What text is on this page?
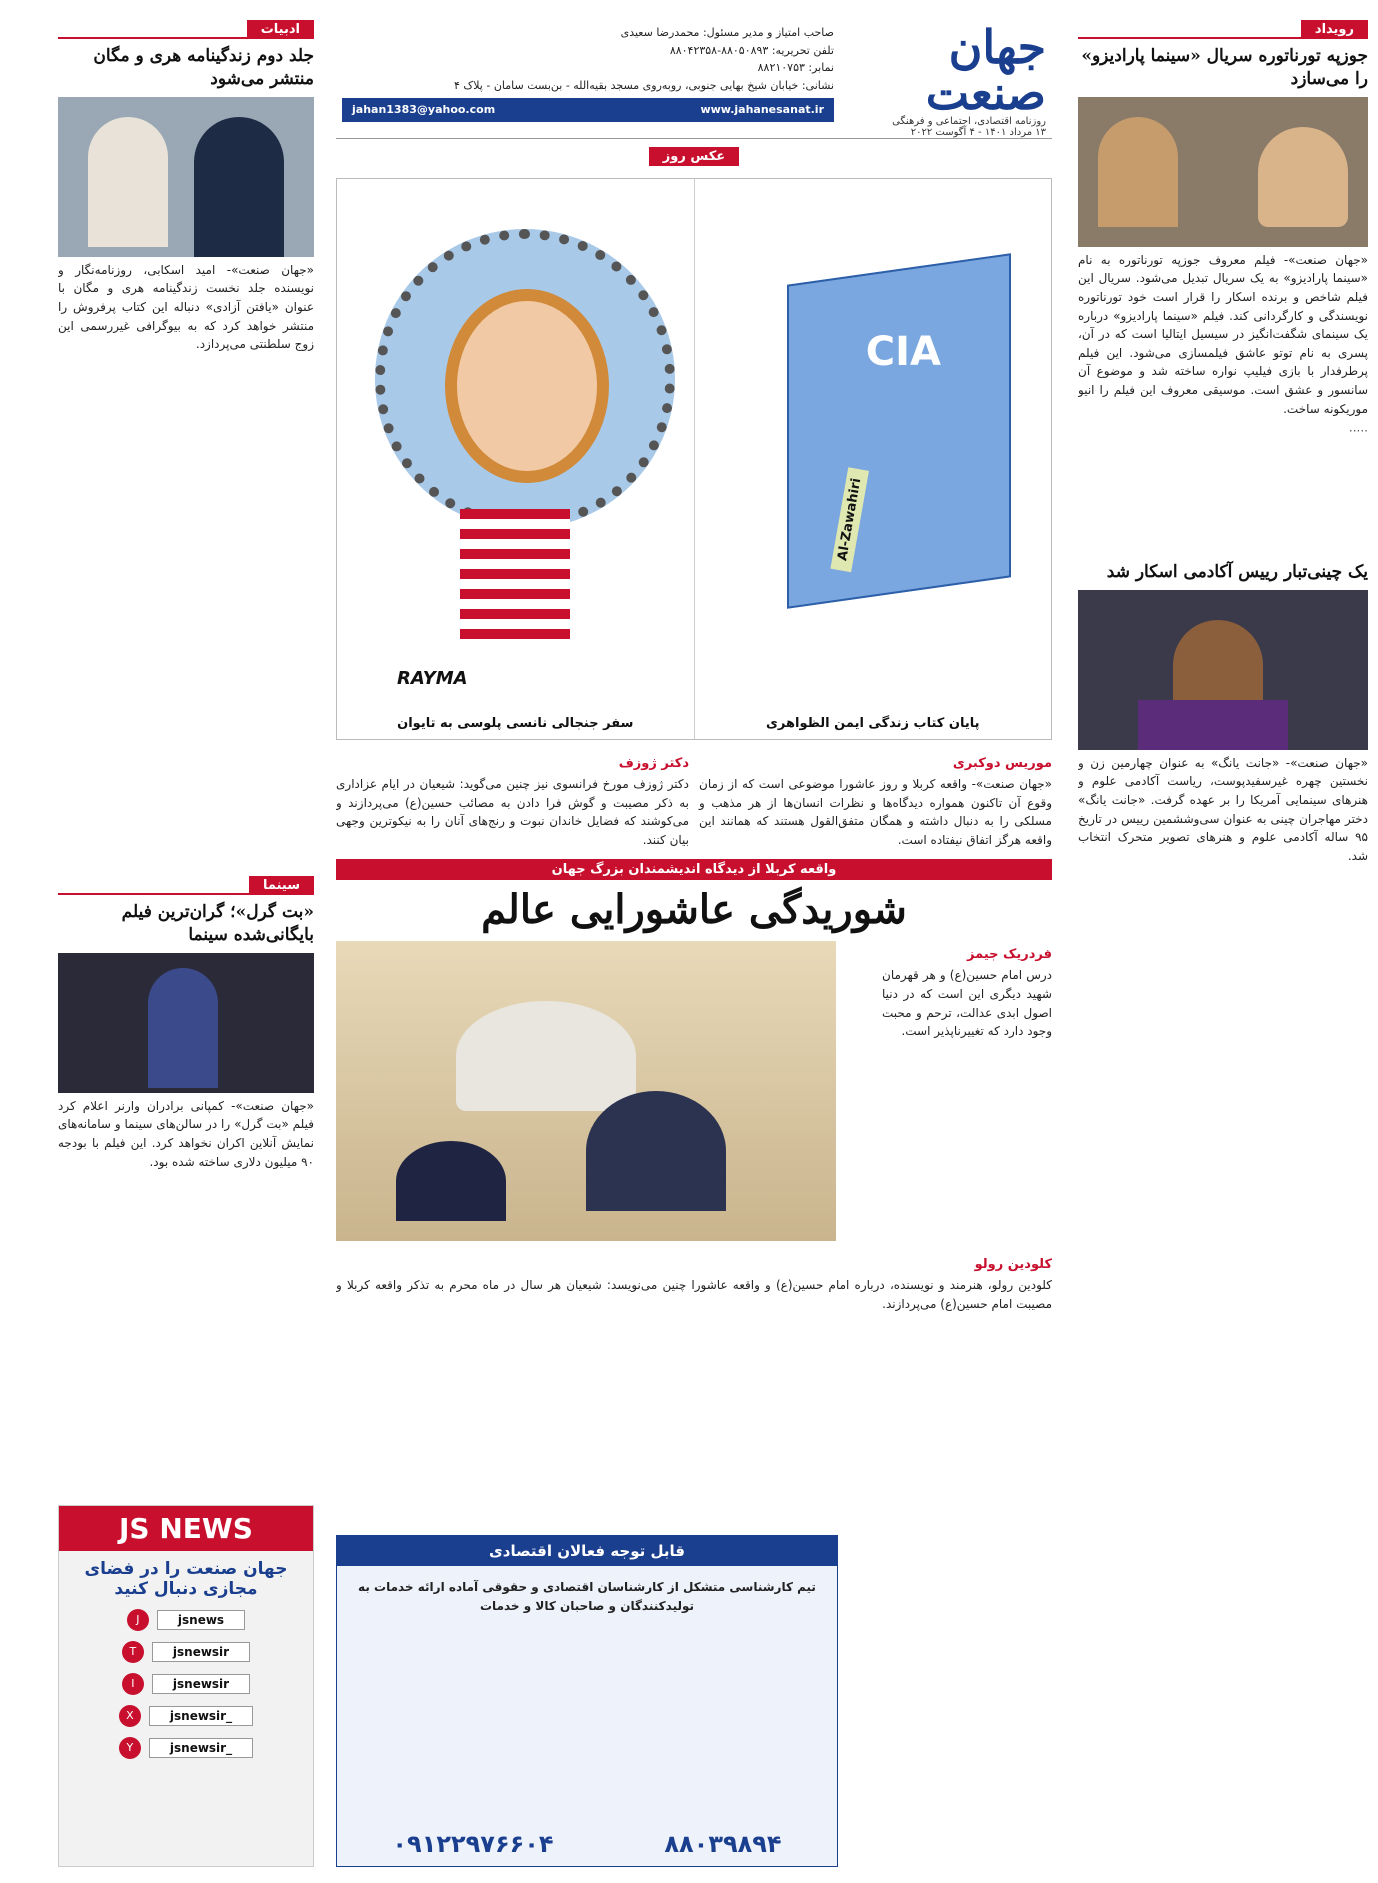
رویداد
جوزپه تورناتوره سریال «سینما پارادیزو» را می‌سازد

«جهان صنعت»- فیلم معروف جوزپه تورناتوره به نام «سینما پارادیزو» به یک سریال تبدیل می‌شود. سریال این فیلم شاخص و برنده اسکار را قرار است خود تورناتوره نویسندگی و کارگردانی کند. فیلم «سینما پارادیزو» درباره یک سینمای شگفت‌انگیز در سیسیل ایتالیا است که در آن، پسری به نام توتو عاشق فیلمسازی می‌شود. این فیلم پرطرفدار با بازی فیلیپ نواره ساخته شد و موضوع آن سانسور و عشق است. موسیقی معروف این فیلم را انیو موریکونه ساخت.

·····

یک چینی‌تبار رییس آکادمی اسکار شد

«جهان صنعت»- «جانت یانگ» به عنوان چهارمین زن و نخستین چهره غیرسفیدپوست، ریاست آکادمی علوم و هنرهای سینمایی آمریکا را بر عهده گرفت. «جانت یانگ» دختر مهاجران چینی به عنوان سی‌وششمین رییس در تاریخ ۹۵ ساله آکادمی علوم و هنرهای تصویر متحرک انتخاب شد.

جهان صنعت
روزنامه اقتصادی، اجتماعی و فرهنگی
۱۳ مرداد ۱۴۰۱ - ۴ آگوست ۲۰۲۲
صاحب امتیاز و مدیر مسئول: محمدرضا سعیدی
تلفن تحریریه: ۸۸۰۵۰۸۹۳-۸۸۰۴۲۳۵۸
نمابر: ۸۸۲۱۰۷۵۳
نشانی: خیابان شیخ بهایی جنوبی، روبه‌روی مسجد بقیه‌الله - بن‌بست سامان - پلاک ۴
www.jahanesanat.ir
jahan1383@yahoo.com
عکس روز
CIA
Al-Zawahiri
پایان کتاب زندگی ایمن الظواهری
RAYMA
سفر جنجالی نانسی پلوسی به تایوان
موریس دوکبری

«جهان صنعت»- واقعه کربلا و روز عاشورا موضوعی است که از زمان وقوع آن تاکنون همواره دیدگاه‌ها و نظرات انسان‌ها از هر مذهب و مسلکی را به دنبال داشته و همگان متفق‌القول هستند که همانند این واقعه هرگز اتفاق نیفتاده است.

دکتر ژوزف

دکتر ژوزف مورخ فرانسوی نیز چنین می‌گوید: شیعیان در ایام عزاداری به ذکر مصیبت و گوش فرا دادن به مصائب حسین(ع) می‌پردازند و می‌کوشند که فضایل خاندان نبوت و رنج‌های آنان را به نیکوترین وجهی بیان کنند.

واقعه کربلا از دیدگاه اندیشمندان بزرگ جهان
شوریدگی عاشورایی عالم
فردریک جیمز

درس امام حسین(ع) و هر قهرمان شهید دیگری این است که در دنیا اصول ابدی عدالت، ترحم و محبت وجود دارد که تغییرناپذیر است.

کلودین رولو

کلودین رولو، هنرمند و نویسنده، درباره امام حسین(ع) و واقعه عاشورا چنین می‌نویسد: شیعیان هر سال در ماه محرم به تذکر واقعه کربلا و مصیبت امام حسین(ع) می‌پردازند.

قابل توجه فعالان اقتصادی

تیم کارشناسی متشکل از کارشناسان اقتصادی و حقوقی آماده ارائه خدمات به تولیدکنندگان و صاحبان کالا و خدمات

۰۹۱۲۲۹۷۶۶۰۴	۸۸۰۳۹۸۹۴
ادبیات
جلد دوم زندگینامه هری و مگان منتشر می‌شود

«جهان صنعت»- امید اسکابی، روزنامه‌نگار و نویسنده جلد نخست زندگینامه هری و مگان با عنوان «یافتن آزادی» دنباله این کتاب پرفروش را منتشر خواهد کرد که به بیوگرافی غیررسمی این زوج سلطنتی می‌پردازد.

سینما
«بت گرل»؛ گران‌ترین فیلم بایگانی‌شده سینما

«جهان صنعت»- کمپانی برادران وارنر اعلام کرد فیلم «بت گرل» را در سالن‌های سینما و سامانه‌های نمایش آنلاین اکران نخواهد کرد. این فیلم با بودجه ۹۰ میلیون دلاری ساخته شده بود.

JS NEWS
جهان صنعت را در فضای مجازی دنبال کنید
J	jsnews
T	jsnewsir
I	jsnewsir
X	jsnewsir_
Y	jsnewsir_
